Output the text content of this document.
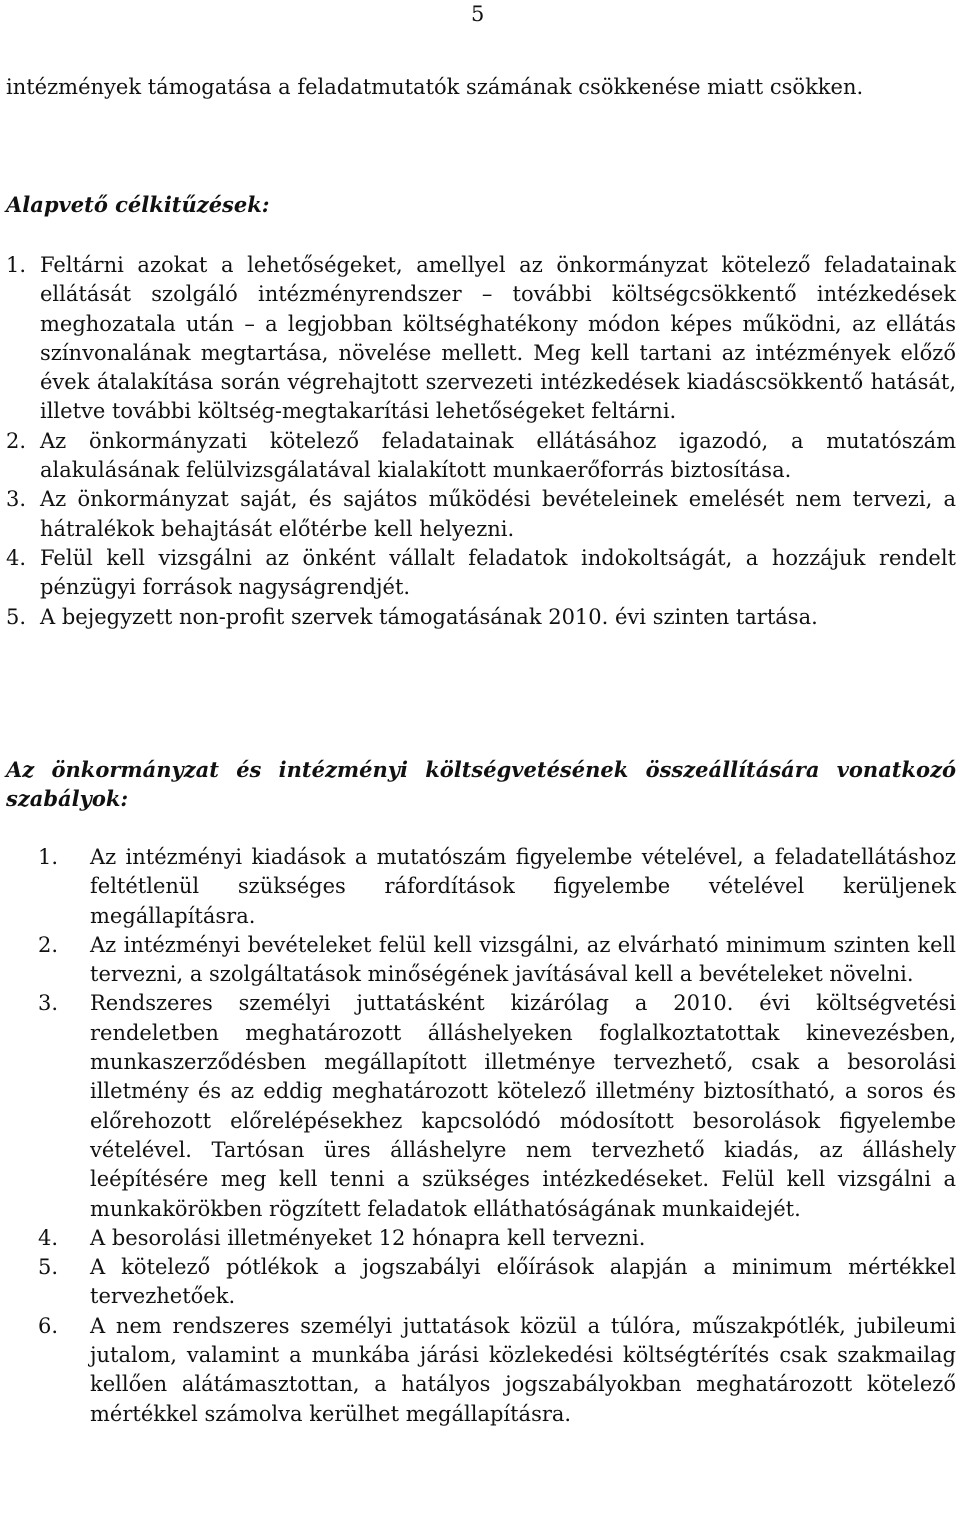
5

intézmények támogatása a feladatmutatók számának csökkenése miatt csökken.

Alapvető célkitűzések:

1. Feltárni azokat a lehetőségeket, amellyel az önkormányzat kötelező feladatainak ellátását szolgáló intézményrendszer – további költségcsökkentő intézkedések meghozatala után – a legjobban költséghatékony módon képes működni, az ellátás színvonalának megtartása, növelése mellett. Meg kell tartani az intézmények előző évek átalakítása során végrehajtott szervezeti intézkedések kiadáscsökkentő hatását, illetve további költség-megtakarítási lehetőségeket feltárni.
2. Az önkormányzati kötelező feladatainak ellátásához igazodó, a mutatószám alakulásának felülvizsgálatával kialakított munkaerőforrás biztosítása.
3. Az önkormányzat saját, és sajátos működési bevételeinek emelését nem tervezi, a hátralékok behajtását előtérbe kell helyezni.
4. Felül kell vizsgálni az önként vállalt feladatok indokoltságát, a hozzájuk rendelt pénzügyi források nagyságrendjét.
5. A bejegyzett non-profit szervek támogatásának 2010. évi szinten tartása.

Az önkormányzat és intézményi költségvetésének összeállítására vonatkozó szabályok:

1.	Az intézményi kiadások a mutatószám figyelembe vételével, a feladatellátáshoz feltétlenül szükséges ráfordítások figyelembe vételével kerüljenek megállapításra.
2.	Az intézményi bevételeket felül kell vizsgálni, az elvárható minimum szinten kell tervezni, a szolgáltatások minőségének javításával kell a bevételeket növelni.
3.	Rendszeres személyi juttatásként kizárólag a 2010. évi költségvetési rendeletben meghatározott álláshelyeken foglalkoztatottak kinevezésben, munkaszerződésben megállapított illetménye tervezhető, csak a besorolási illetmény és az eddig meghatározott kötelező illetmény biztosítható, a soros és előrehozott előrelépésekhez kapcsolódó módosított besorolások figyelembe vételével. Tartósan üres álláshelyre nem tervezhető kiadás, az álláshely leépítésére meg kell tenni a szükséges intézkedéseket. Felül kell vizsgálni a munkakörökben rögzített feladatok elláthatóságának munkaidejét.
4.	A besorolási illetményeket 12 hónapra kell tervezni.
5.	A kötelező pótlékok a jogszabályi előírások alapján a minimum mértékkel tervezhetőek.
6.	A nem rendszeres személyi juttatások közül a túlóra, műszakpótlék, jubileumi jutalom, valamint a munkába járási közlekedési költségtérítés csak szakmailag kellően alátámasztottan, a hatályos jogszabályokban meghatározott kötelező mértékkel számolva kerülhet megállapításra.
